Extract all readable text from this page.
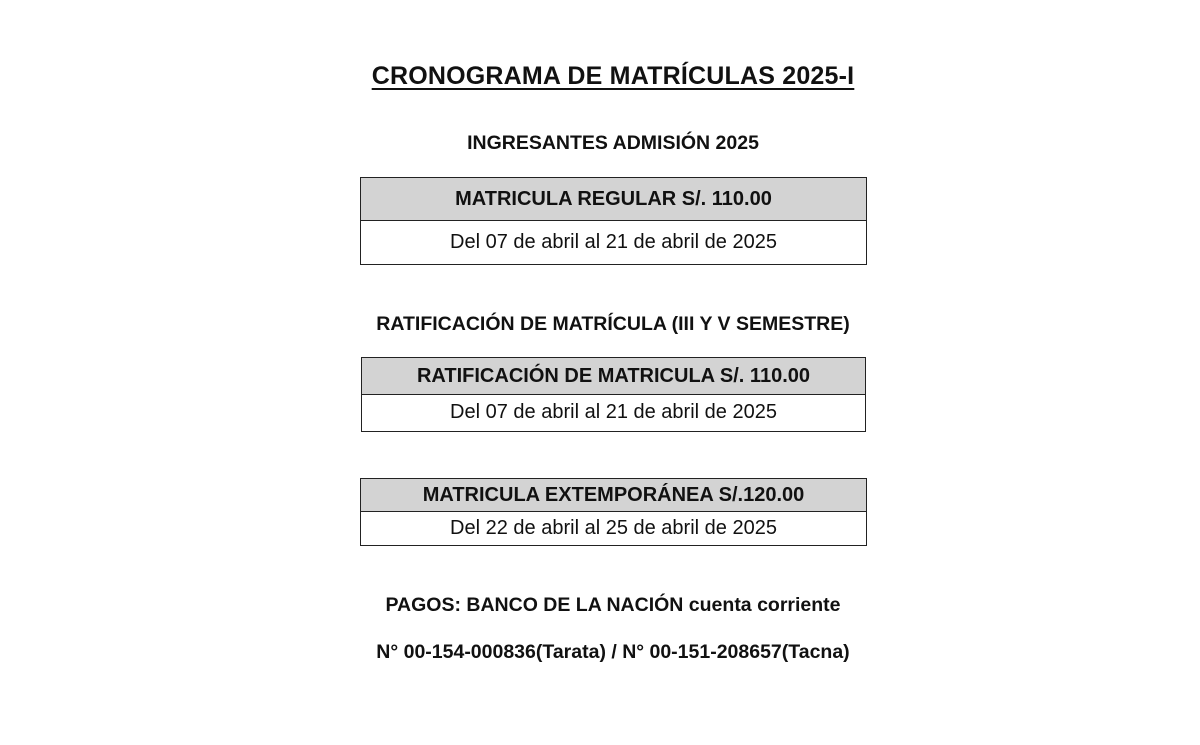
CRONOGRAMA DE MATRÍCULAS 2025-I
INGRESANTES ADMISIÓN 2025
MATRICULA REGULAR S/. 110.00
Del 07 de abril al 21 de abril de 2025
RATIFICACIÓN DE MATRÍCULA (III Y V SEMESTRE)
RATIFICACIÓN DE MATRICULA S/. 110.00
Del 07 de abril al 21 de abril de 2025
MATRICULA EXTEMPORÁNEA S/.120.00
Del 22 de abril al 25 de abril de 2025
PAGOS: BANCO DE LA NACIÓN cuenta corriente
N° 00-154-000836(Tarata) / N° 00-151-208657(Tacna)
